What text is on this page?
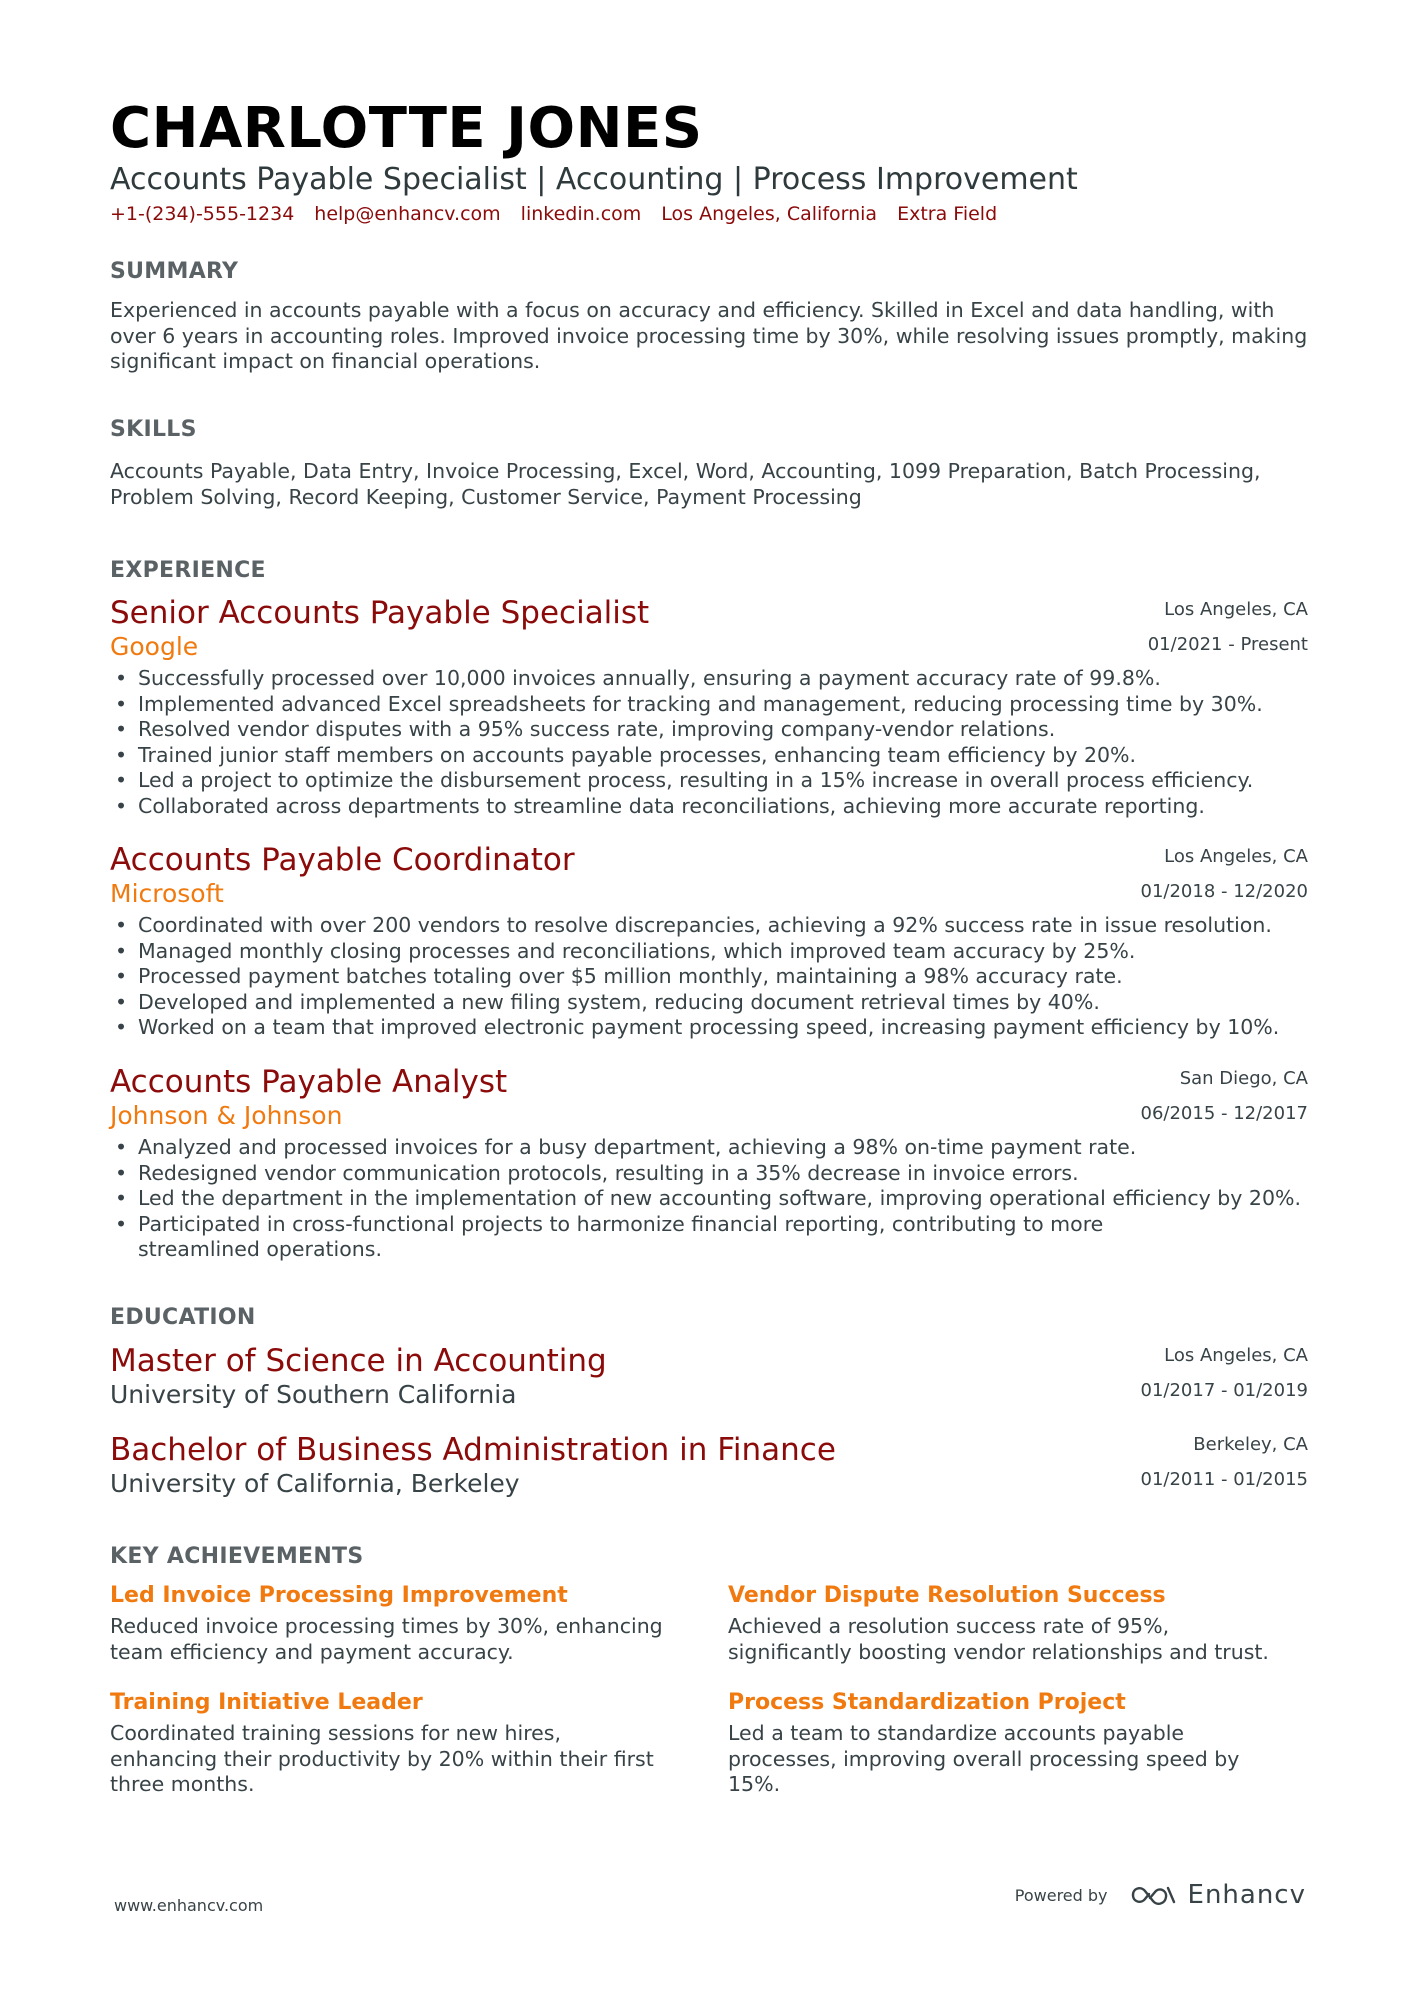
CHARLOTTE JONES
Accounts Payable Specialist | Accounting | Process Improvement
+1-(234)-555-1234 help@enhancv.com linkedin.com Los Angeles, California Extra Field
SUMMARY

Experienced in accounts payable with a focus on accuracy and efficiency. Skilled in Excel and data handling, with over 6 years in accounting roles. Improved invoice processing time by 30%, while resolving issues promptly, making significant impact on financial operations.

SKILLS

Accounts Payable, Data Entry, Invoice Processing, Excel, Word, Accounting, 1099 Preparation, Batch Processing, Problem Solving, Record Keeping, Customer Service, Payment Processing

EXPERIENCE

Senior Accounts Payable Specialist

Google

Los Angeles, CA
01/2021 - Present
• Successfully processed over 10,000 invoices annually, ensuring a payment accuracy rate of 99.8%.
• Implemented advanced Excel spreadsheets for tracking and management, reducing processing time by 30%.
• Resolved vendor disputes with a 95% success rate, improving company-vendor relations.
• Trained junior staff members on accounts payable processes, enhancing team efficiency by 20%.
• Led a project to optimize the disbursement process, resulting in a 15% increase in overall process efficiency.
• Collaborated across departments to streamline data reconciliations, achieving more accurate reporting.

Accounts Payable Coordinator

Microsoft

Los Angeles, CA
01/2018 - 12/2020
• Coordinated with over 200 vendors to resolve discrepancies, achieving a 92% success rate in issue resolution.
• Managed monthly closing processes and reconciliations, which improved team accuracy by 25%.
• Processed payment batches totaling over $5 million monthly, maintaining a 98% accuracy rate.
• Developed and implemented a new filing system, reducing document retrieval times by 40%.
• Worked on a team that improved electronic payment processing speed, increasing payment efficiency by 10%.

Accounts Payable Analyst

Johnson & Johnson

San Diego, CA
06/2015 - 12/2017
• Analyzed and processed invoices for a busy department, achieving a 98% on-time payment rate.
• Redesigned vendor communication protocols, resulting in a 35% decrease in invoice errors.
• Led the department in the implementation of new accounting software, improving operational efficiency by 20%.
• Participated in cross-functional projects to harmonize financial reporting, contributing to more streamlined operations.
EDUCATION

Master of Science in Accounting

University of Southern California

Los Angeles, CA
01/2017 - 01/2019

Bachelor of Business Administration in Finance

University of California, Berkeley

Berkeley, CA
01/2011 - 01/2015
KEY ACHIEVEMENTS

Led Invoice Processing Improvement

Reduced invoice processing times by 30%, enhancing team efficiency and payment accuracy.

Vendor Dispute Resolution Success

Achieved a resolution success rate of 95%, significantly boosting vendor relationships and trust.

Training Initiative Leader

Coordinated training sessions for new hires, enhancing their productivity by 20% within their first three months.

Process Standardization Project

Led a team to standardize accounts payable processes, improving overall processing speed by 15%.

www.enhancv.com
Powered by	Enhancv
